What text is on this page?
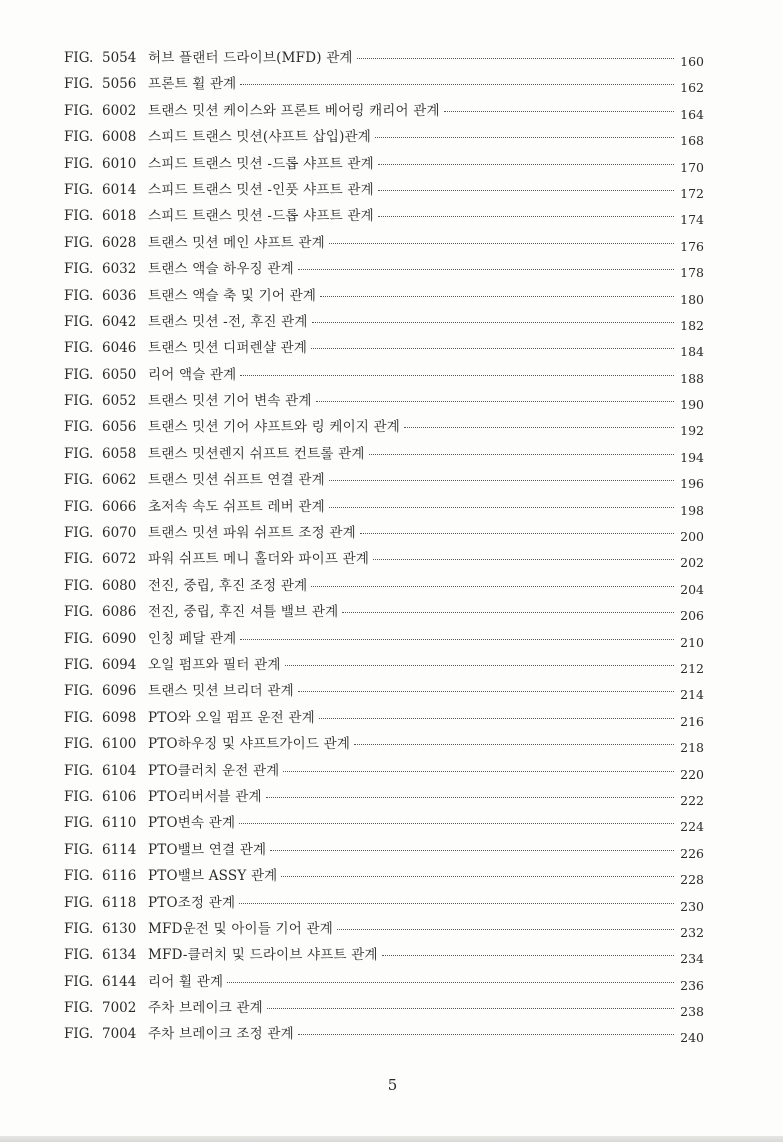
FIG. 5054 허브 플랜터 드라이브(MFD) 관계	160
FIG. 5056 프론트 휠 관계	162
FIG. 6002 트랜스 밋션 케이스와 프론트 베어링 캐리어 관계	164
FIG. 6008 스피드 트랜스 밋션(샤프트 삽입)관계	168
FIG. 6010 스피드 트랜스 밋션 -드롭 샤프트 관계	170
FIG. 6014 스피드 트랜스 밋션 -인풋 샤프트 관계	172
FIG. 6018 스피드 트랜스 밋션 -드롭 샤프트 관계	174
FIG. 6028 트랜스 밋션 메인 샤프트 관계	176
FIG. 6032 트랜스 액슬 하우징 관계	178
FIG. 6036 트랜스 액슬 축 및 기어 관계	180
FIG. 6042 트랜스 밋션 -전, 후진 관계	182
FIG. 6046 트랜스 밋션 디퍼렌샬 관계	184
FIG. 6050 리어 액슬 관계	188
FIG. 6052 트랜스 밋션 기어 변속 관계	190
FIG. 6056 트랜스 밋션 기어 샤프트와 링 케이지 관계	192
FIG. 6058 트랜스 밋션렌지 쉬프트 컨트롤 관계	194
FIG. 6062 트랜스 밋션 쉬프트 연결 관계	196
FIG. 6066 초저속 속도 쉬프트 레버 관계	198
FIG. 6070 트랜스 밋션 파워 쉬프트 조정 관계	200
FIG. 6072 파워 쉬프트 메니 홀더와 파이프 관계	202
FIG. 6080 전진, 중립, 후진 조정 관계	204
FIG. 6086 전진, 중립, 후진 셔틀 밸브 관계	206
FIG. 6090 인칭 페달 관계	210
FIG. 6094 오일 펌프와 필터 관계	212
FIG. 6096 트랜스 밋션 브리더 관계	214
FIG. 6098 PTO와 오일 펌프 운전 관계	216
FIG. 6100 PTO하우징 및 샤프트가이드 관계	218
FIG. 6104 PTO클러치 운전 관계	220
FIG. 6106 PTO리버서블 관계	222
FIG. 6110 PTO변속 관계	224
FIG. 6114 PTO밸브 연결 관계	226
FIG. 6116 PTO밸브 ASSY 관계	228
FIG. 6118 PTO조정 관계	230
FIG. 6130 MFD운전 및 아이들 기어 관계	232
FIG. 6134 MFD-클러치 및 드라이브 샤프트 관계	234
FIG. 6144 리어 휠 관계	236
FIG. 7002 주차 브레이크 관계	238
FIG. 7004 주차 브레이크 조정 관계	240
5
